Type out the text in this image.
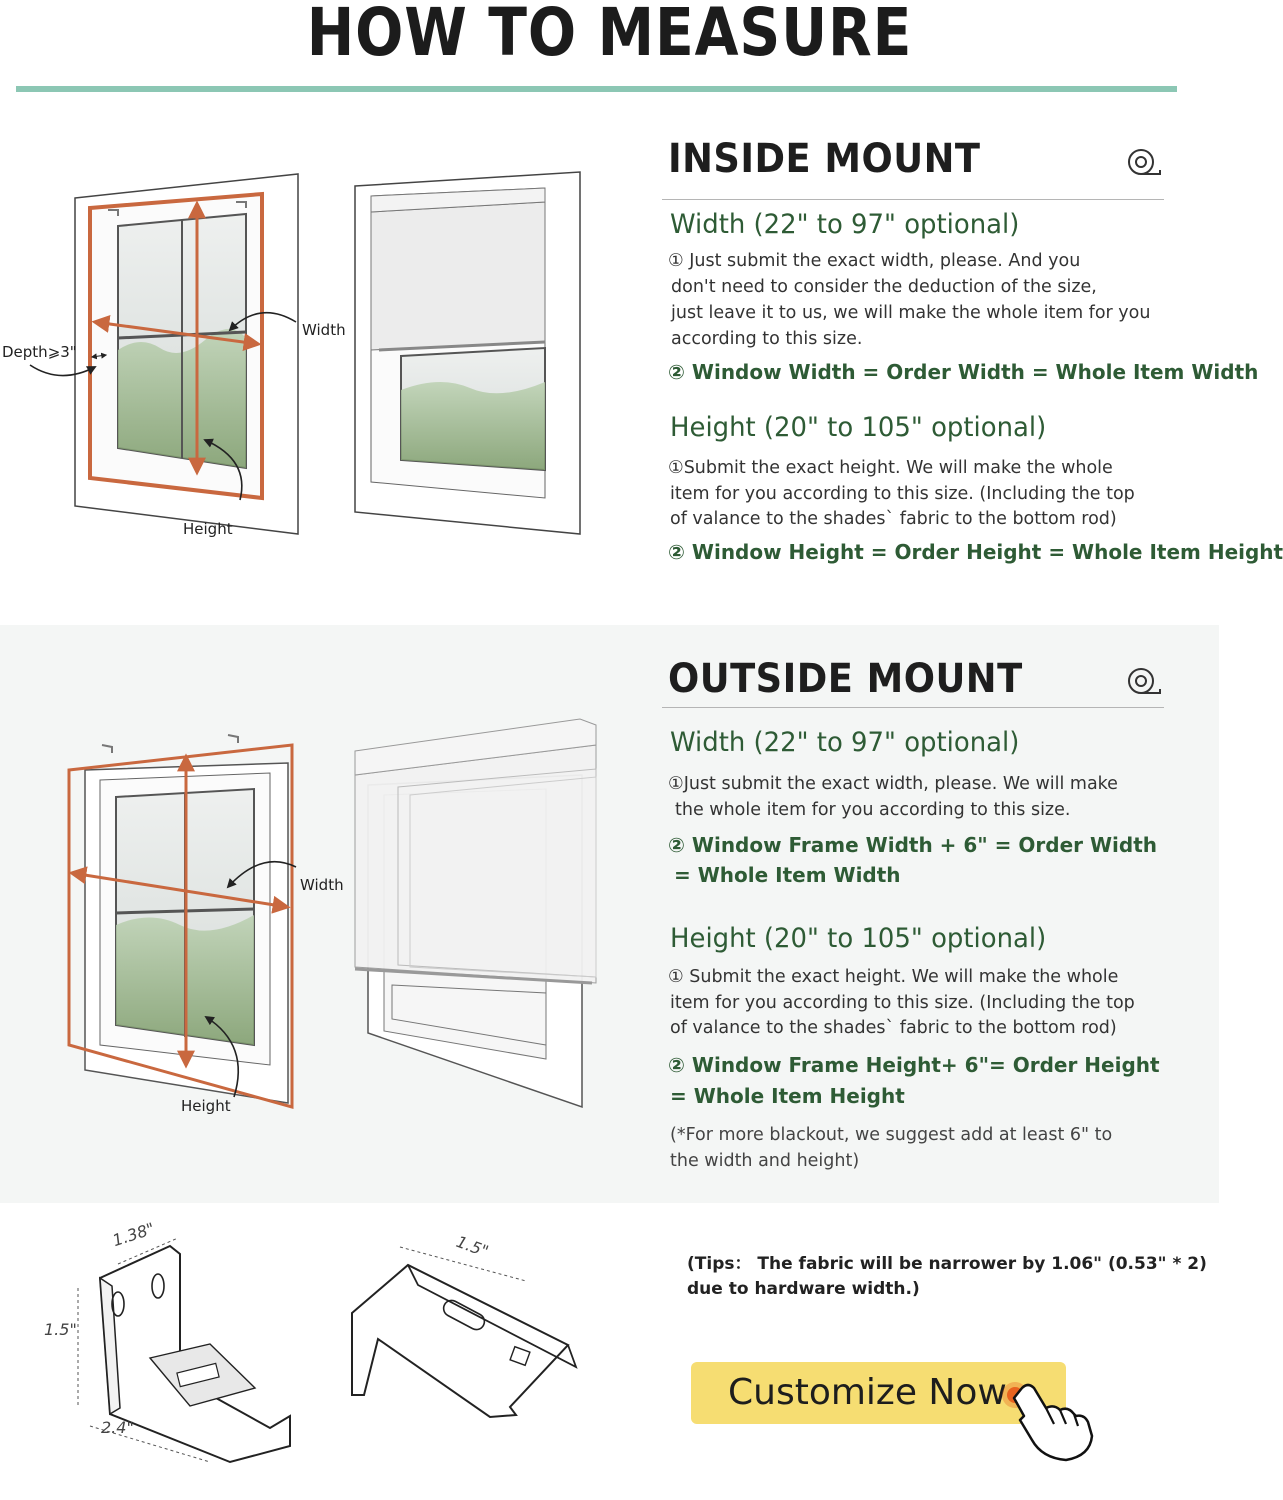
HOW TO MEASURE
Depth⩾3"
Width
Height
INSIDE MOUNT
Width (22" to 97" optional)
① Just submit the exact width, please. And you
don't need to consider the deduction of the size,
just leave it to us, we will make the whole item for you
according to this size.
② Window Width = Order Width = Whole Item Width
Height (20" to 105" optional)
①Submit the exact height. We will make the whole
item for you according to this size. (Including the top
of valance to the shades` fabric to the bottom rod)
② Window Height = Order Height = Whole Item Height
Width
Height
OUTSIDE MOUNT
Width (22" to 97" optional)
①Just submit the exact width, please. We will make
the whole item for you according to this size.
② Window Frame Width + 6" = Order Width
= Whole Item Width
Height (20" to 105" optional)
① Submit the exact height. We will make the whole
item for you according to this size. (Including the top
of valance to the shades` fabric to the bottom rod)
② Window Frame Height+ 6"= Order Height
= Whole Item Height
(*For more blackout, we suggest add at least 6" to
the width and height)
1.38"
1.5"
2.4"
1.5"
(Tips： The fabric will be narrower by 1.06" (0.53" * 2)
due to hardware width.)
Customize Now
